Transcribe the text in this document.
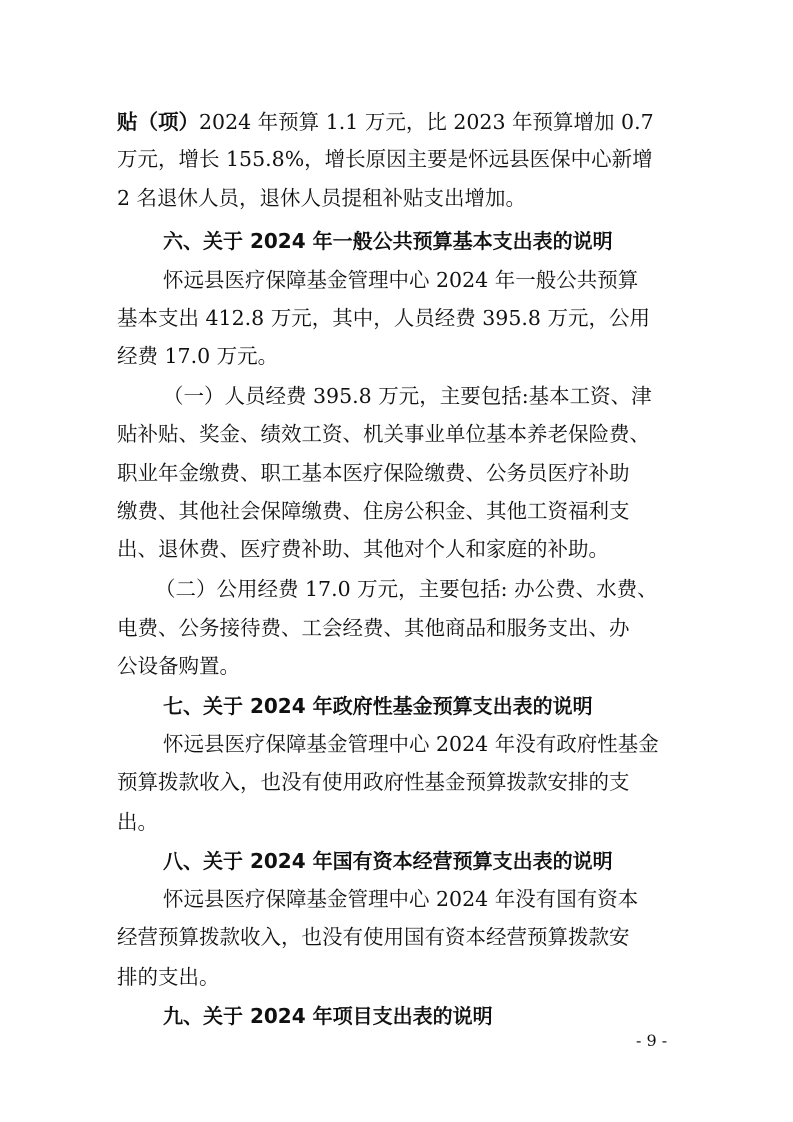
贴（项）2024 年预算 1.1 万元，比 2023 年预算增加 0.7
万元，增长 155.8%，增长原因主要是怀远县医保中心新增
2 名退休人员，退休人员提租补贴支出增加。
六、关于 2024 年一般公共预算基本支出表的说明
怀远县医疗保障基金管理中心 2024 年一般公共预算
基本支出 412.8 万元，其中，人员经费 395.8 万元，公用
经费 17.0 万元。
（一）人员经费 395.8 万元，主要包括:基本工资、津
贴补贴、奖金、绩效工资、机关事业单位基本养老保险费、
职业年金缴费、职工基本医疗保险缴费、公务员医疗补助
缴费、其他社会保障缴费、住房公积金、其他工资福利支
出、退休费、医疗费补助、其他对个人和家庭的补助。
（二）公用经费 17.0 万元，主要包括: 办公费、水费、
电费、公务接待费、工会经费、其他商品和服务支出、办
公设备购置。
七、关于 2024 年政府性基金预算支出表的说明
怀远县医疗保障基金管理中心 2024 年没有政府性基金
预算拨款收入，也没有使用政府性基金预算拨款安排的支
出。
八、关于 2024 年国有资本经营预算支出表的说明
怀远县医疗保障基金管理中心 2024 年没有国有资本
经营预算拨款收入，也没有使用国有资本经营预算拨款安
排的支出。
九、关于 2024 年项目支出表的说明
- 9 -
